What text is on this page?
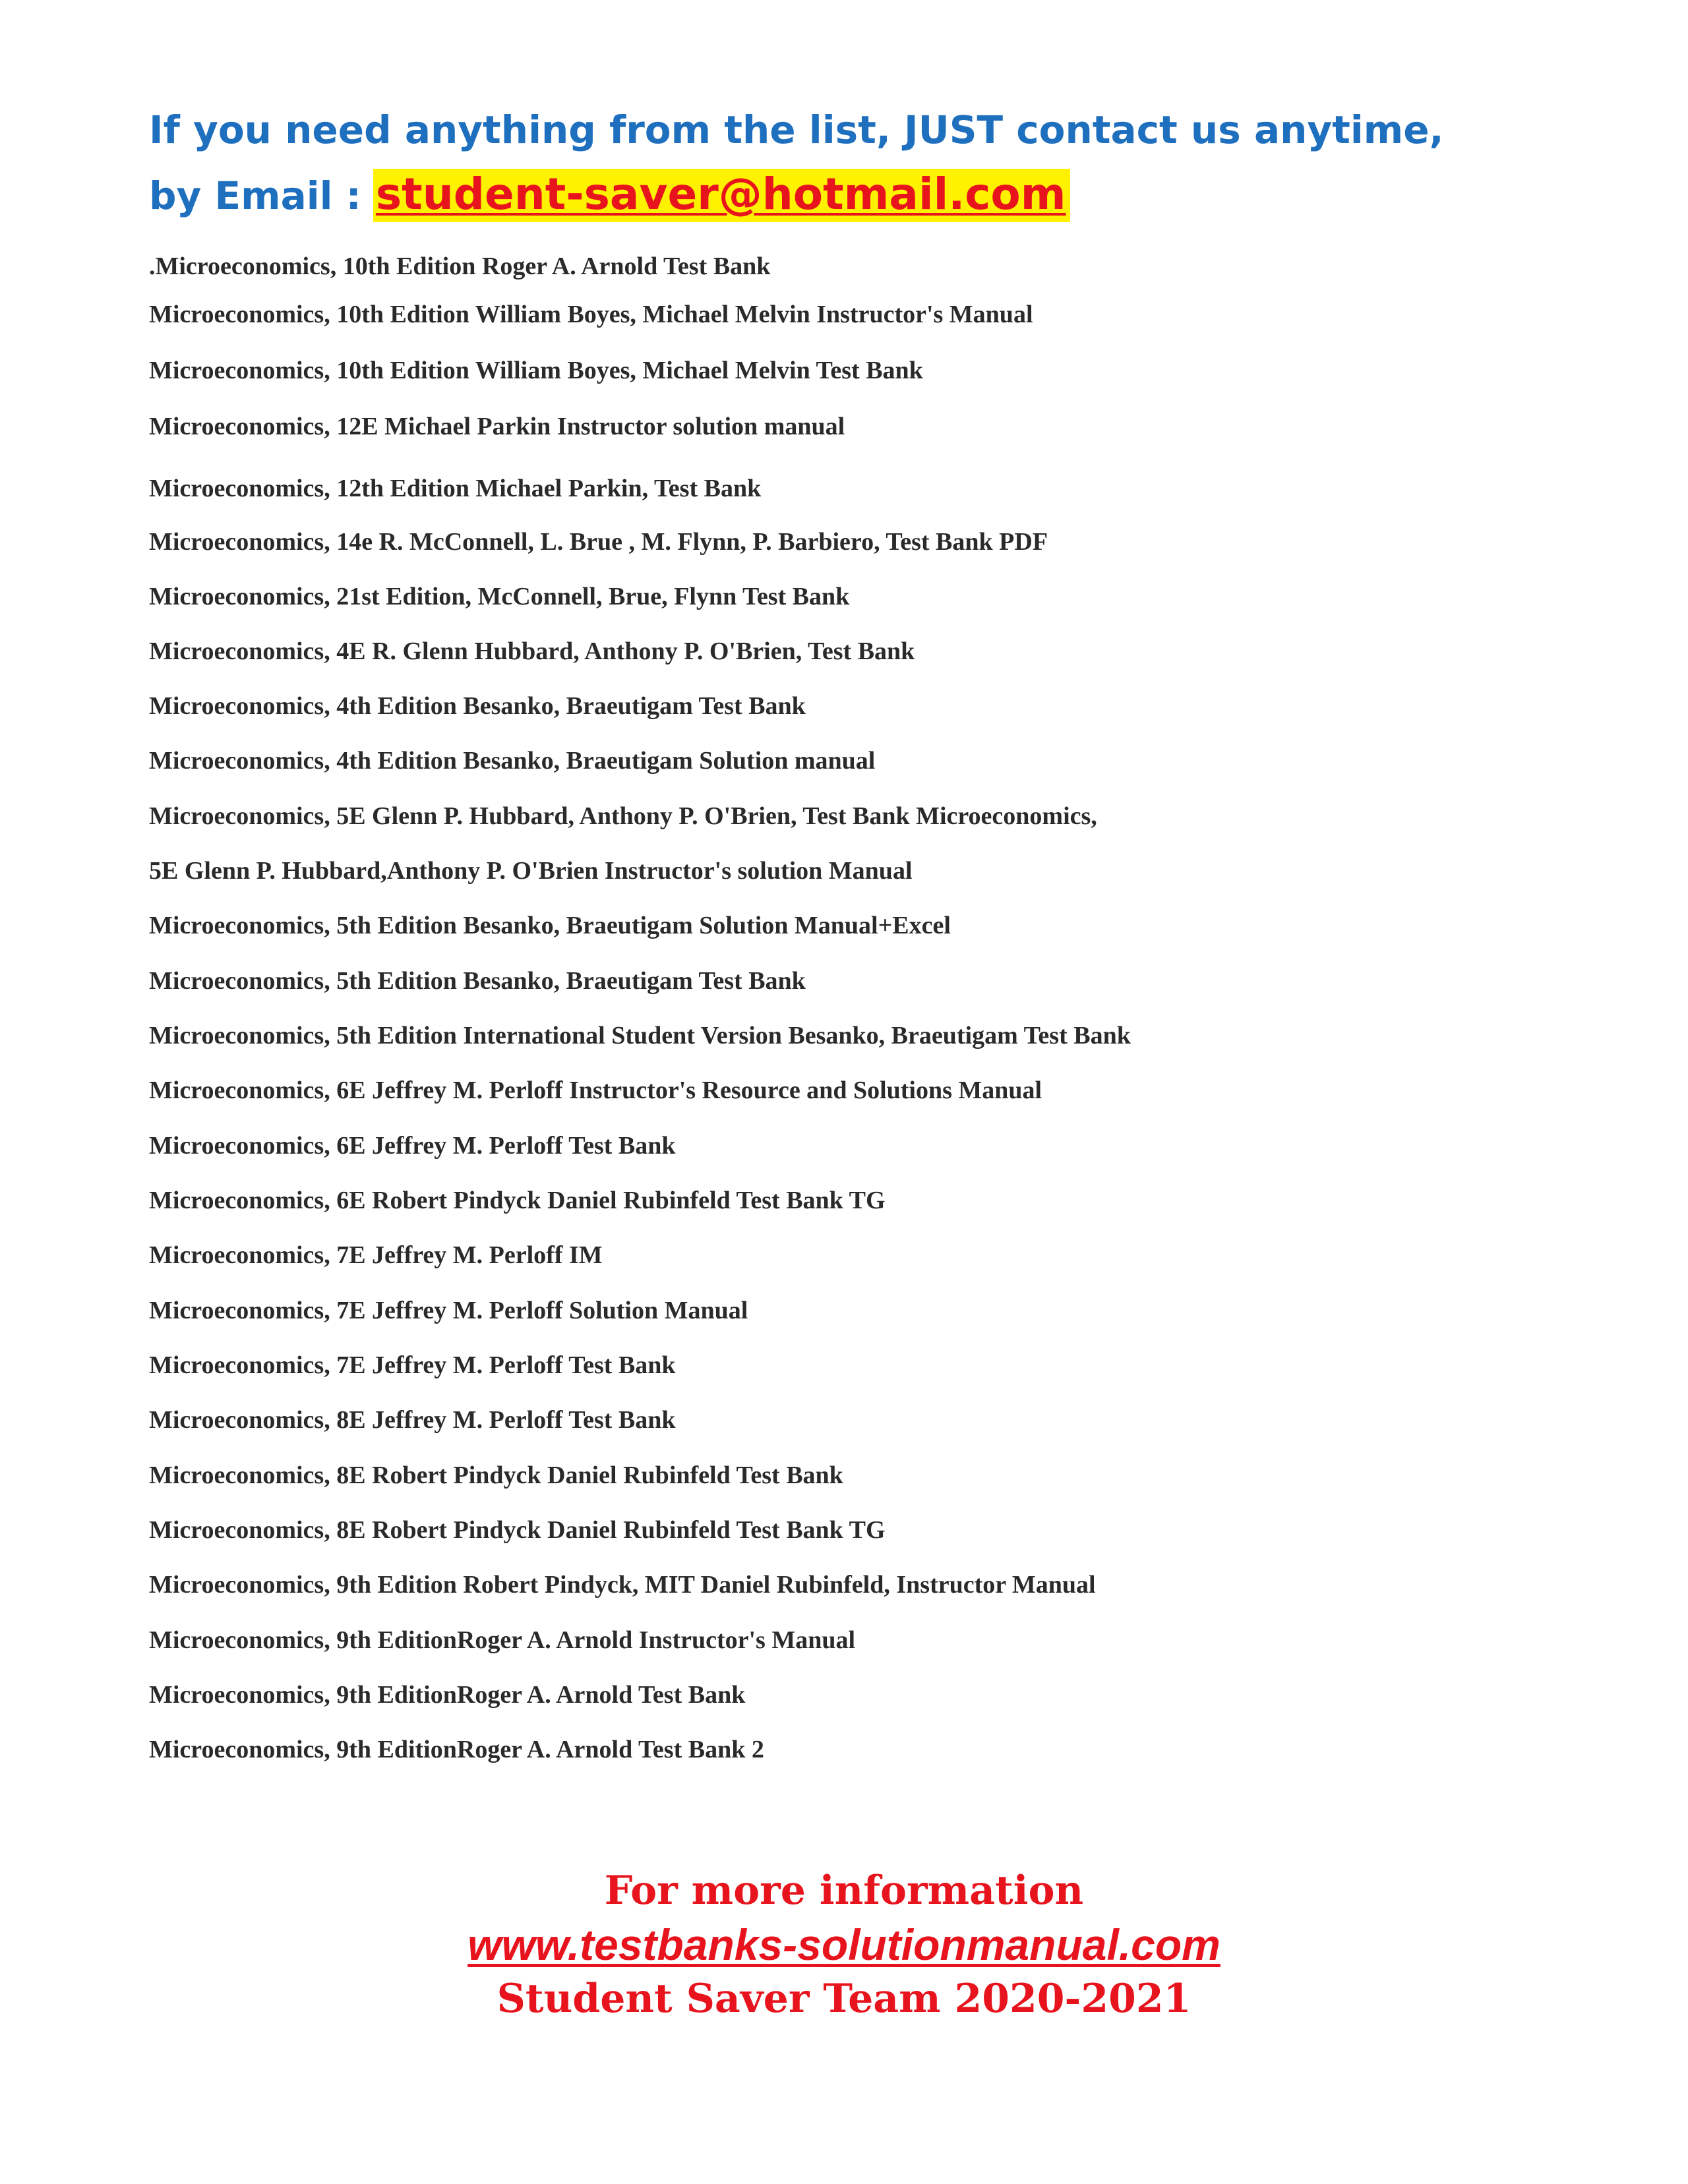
If you need anything from the list, JUST contact us anytime,
by Email : student-saver@hotmail.com
.Microeconomics, 10th Edition Roger A. Arnold Test Bank
Microeconomics, 10th Edition William Boyes, Michael Melvin Instructor's Manual
Microeconomics, 10th Edition William Boyes, Michael Melvin Test Bank
Microeconomics, 12E Michael Parkin Instructor solution manual
Microeconomics, 12th Edition Michael Parkin, Test Bank
Microeconomics, 14e R. McConnell, L. Brue , M. Flynn, P. Barbiero, Test Bank PDF
Microeconomics, 21st Edition, McConnell, Brue, Flynn Test Bank
Microeconomics, 4E R. Glenn Hubbard, Anthony P. O'Brien, Test Bank
Microeconomics, 4th Edition Besanko, Braeutigam Test Bank
Microeconomics, 4th Edition Besanko, Braeutigam Solution manual
Microeconomics, 5E Glenn P. Hubbard, Anthony P. O'Brien, Test Bank Microeconomics,
5E Glenn P. Hubbard,Anthony P. O'Brien Instructor's solution Manual
Microeconomics, 5th Edition Besanko, Braeutigam Solution Manual+Excel
Microeconomics, 5th Edition Besanko, Braeutigam Test Bank
Microeconomics, 5th Edition International Student Version Besanko, Braeutigam Test Bank
Microeconomics, 6E Jeffrey M. Perloff Instructor's Resource and Solutions Manual
Microeconomics, 6E Jeffrey M. Perloff Test Bank
Microeconomics, 6E Robert Pindyck Daniel Rubinfeld Test Bank TG
Microeconomics, 7E Jeffrey M. Perloff IM
Microeconomics, 7E Jeffrey M. Perloff Solution Manual
Microeconomics, 7E Jeffrey M. Perloff Test Bank
Microeconomics, 8E Jeffrey M. Perloff Test Bank
Microeconomics, 8E Robert Pindyck Daniel Rubinfeld Test Bank
Microeconomics, 8E Robert Pindyck Daniel Rubinfeld Test Bank TG
Microeconomics, 9th Edition Robert Pindyck, MIT Daniel Rubinfeld, Instructor Manual
Microeconomics, 9th EditionRoger A. Arnold Instructor's Manual
Microeconomics, 9th EditionRoger A. Arnold Test Bank
Microeconomics, 9th EditionRoger A. Arnold Test Bank 2
For more information
www.testbanks-solutionmanual.com
Student Saver Team 2020-2021
